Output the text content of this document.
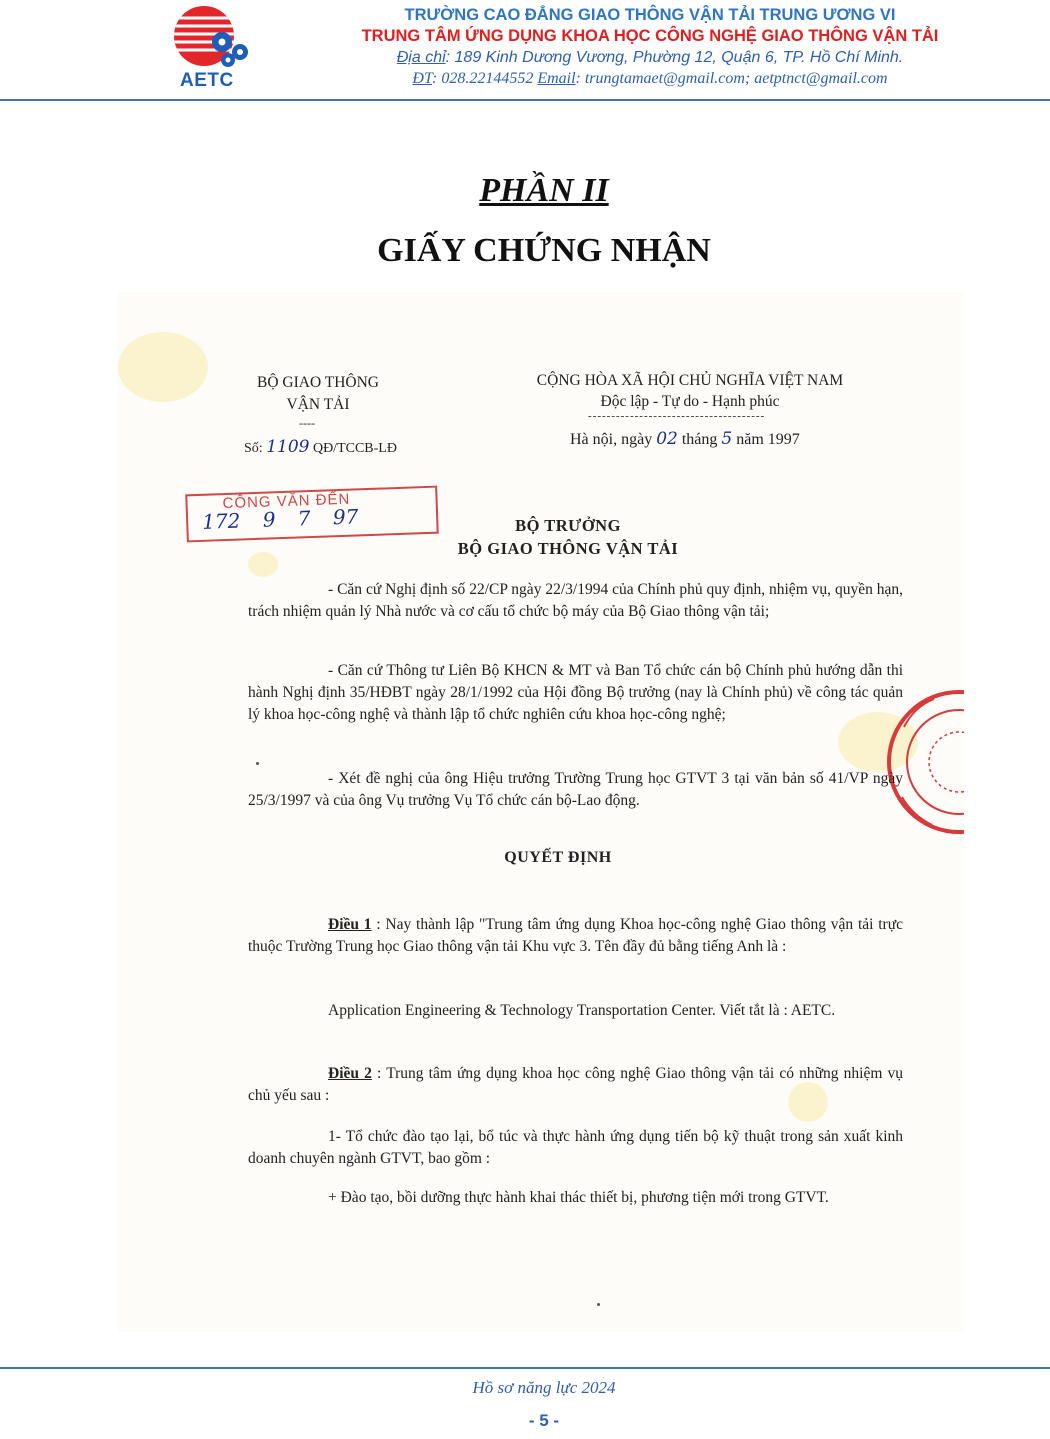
AETC
TRƯỜNG CAO ĐẲNG GIAO THÔNG VẬN TẢI TRUNG ƯƠNG VI
TRUNG TÂM ỨNG DỤNG KHOA HỌC CÔNG NGHỆ GIAO THÔNG VẬN TẢI
Địa chỉ: 189 Kinh Dương Vương, Phường 12, Quận 6, TP. Hồ Chí Minh.
ĐT: 028.22144552 Email: trungtamaet@gmail.com; aetptnct@gmail.com
PHẦN II
GIẤY CHỨNG NHẬN
BỘ GIAO THÔNG
VẬN TẢI
----
Số: 1109 QĐ/TCCB-LĐ
CỘNG HÒA XÃ HỘI CHỦ NGHĨA VIỆT NAM
Độc lập - Tự do - Hạnh phúc
--------------------------------------
Hà nội, ngày 02 tháng 5 năm 1997
CÔNG VĂN ĐẾN
172 9 7 97	BỘ TRƯỞNG
BỘ GIAO THÔNG VẬN TẢI
- Căn cứ Nghị định số 22/CP ngày 22/3/1994 của Chính phủ quy định, nhiệm vụ, quyền hạn, trách nhiệm quản lý Nhà nước và cơ cấu tổ chức bộ máy của Bộ Giao thông vận tải;
- Căn cứ Thông tư Liên Bộ KHCN & MT và Ban Tổ chức cán bộ Chính phủ hướng dẫn thi hành Nghị định 35/HĐBT ngày 28/1/1992 của Hội đồng Bộ trưởng (nay là Chính phủ) về công tác quản lý khoa học-công nghệ và thành lập tổ chức nghiên cứu khoa học-công nghệ;
- Xét đề nghị của ông Hiệu trưởng Trường Trung học GTVT 3 tại văn bản số 41/VP ngày 25/3/1997 và của ông Vụ trưởng Vụ Tổ chức cán bộ-Lao động.
QUYẾT ĐỊNH
Điều 1 : Nay thành lập "Trung tâm ứng dụng Khoa học-công nghệ Giao thông vận tải trực thuộc Trường Trung học Giao thông vận tải Khu vực 3. Tên đầy đủ bằng tiếng Anh là :
Application Engineering & Technology Transportation Center. Viết tắt là : AETC.
Điều 2 : Trung tâm ứng dụng khoa học công nghệ Giao thông vận tải có những nhiệm vụ chủ yếu sau :
1- Tổ chức đào tạo lại, bổ túc và thực hành ứng dụng tiến bộ kỹ thuật trong sản xuất kinh doanh chuyên ngành GTVT, bao gồm :
+ Đào tạo, bồi dưỡng thực hành khai thác thiết bị, phương tiện mới trong GTVT.
Hồ sơ năng lực 2024
- 5 -
